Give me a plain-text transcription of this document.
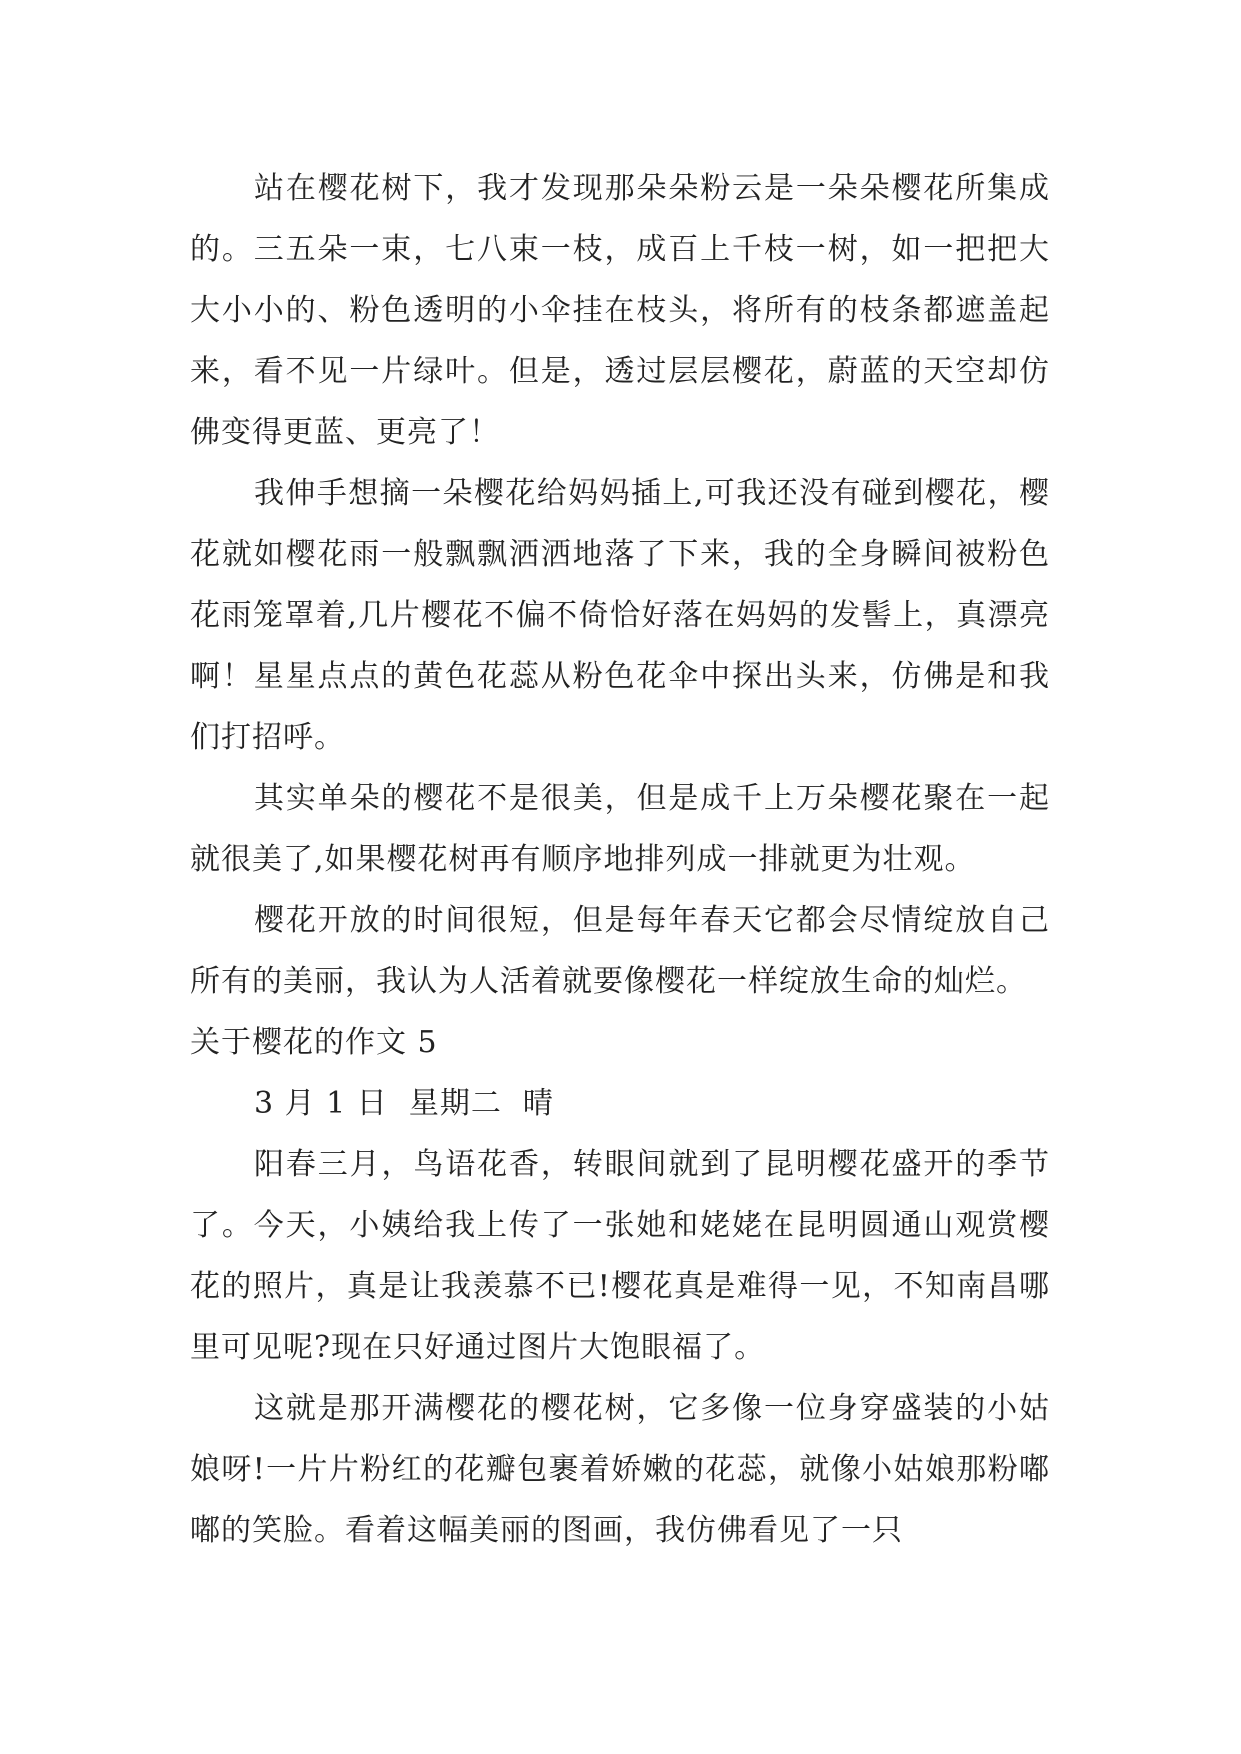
站在樱花树下，我才发现那朵朵粉云是一朵朵樱花所集成的。三五朵一束，七八束一枝，成百上千枝一树，如一把把大大小小的、粉色透明的小伞挂在枝头，将所有的枝条都遮盖起来，看不见一片绿叶。但是，透过层层樱花，蔚蓝的天空却仿佛变得更蓝、更亮了！

我伸手想摘一朵樱花给妈妈插上,可我还没有碰到樱花，樱花就如樱花雨一般飘飘洒洒地落了下来，我的全身瞬间被粉色花雨笼罩着,几片樱花不偏不倚恰好落在妈妈的发髻上，真漂亮啊！星星点点的黄色花蕊从粉色花伞中探出头来，仿佛是和我们打招呼。

其实单朵的樱花不是很美，但是成千上万朵樱花聚在一起就很美了,如果樱花树再有顺序地排列成一排就更为壮观。

樱花开放的时间很短，但是每年春天它都会尽情绽放自己所有的美丽，我认为人活着就要像樱花一样绽放生命的灿烂。

关于樱花的作文 5

3 月 1 日  星期二  晴

阳春三月，鸟语花香，转眼间就到了昆明樱花盛开的季节了。今天，小姨给我上传了一张她和姥姥在昆明圆通山观赏樱花的照片，真是让我羡慕不已!樱花真是难得一见，不知南昌哪里可见呢?现在只好通过图片大饱眼福了。

这就是那开满樱花的樱花树，它多像一位身穿盛装的小姑娘呀!一片片粉红的花瓣包裹着娇嫩的花蕊，就像小姑娘那粉嘟嘟的笑脸。看着这幅美丽的图画，我仿佛看见了一只
